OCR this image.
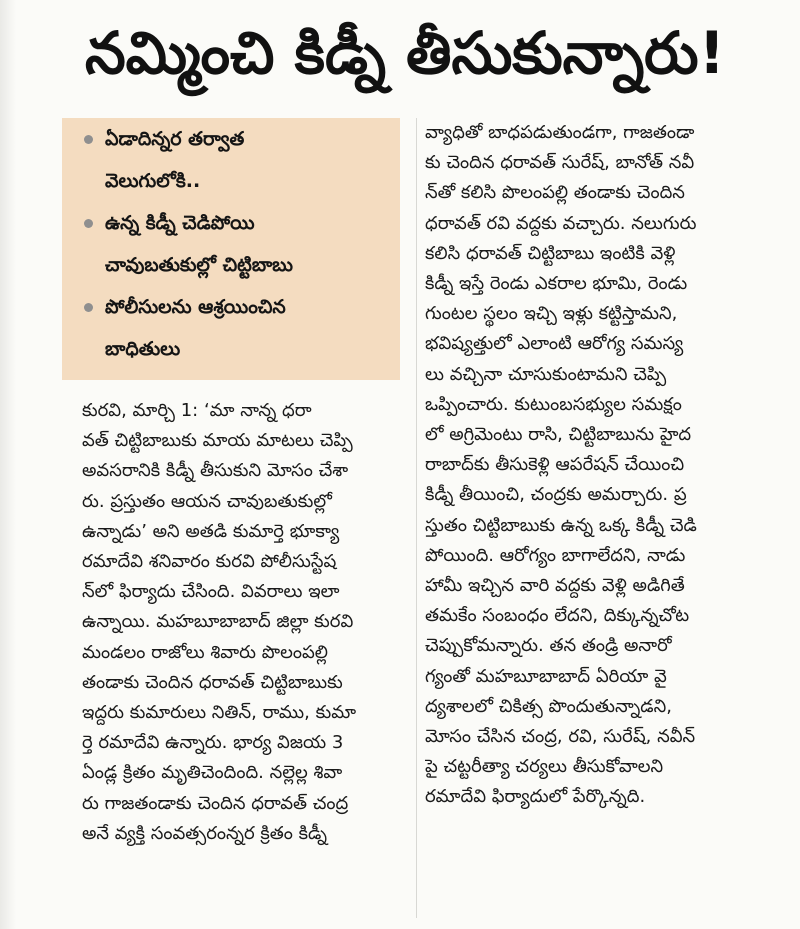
నమ్మించి కిడ్నీ తీసుకున్నారు!
ఏడాదిన్నర తర్వాత
వెలుగులోకి..
ఉన్న కిడ్నీ చెడిపోయి
చావుబతుకుల్లో చిట్టిబాబు
పోలీసులను ఆశ్రయించిన
బాధితులు
కురవి, మార్చి 1: ‘మా నాన్న ధరా
వత్ చిట్టిబాబుకు మాయ మాటలు చెప్పి
అవసరానికి కిడ్నీ తీసుకుని మోసం చేశా
రు. ప్రస్తుతం ఆయన చావుబతుకుల్లో
ఉన్నాడు’ అని అతడి కుమార్తె భూక్యా
రమాదేవి శనివారం కురవి పోలీసుస్టేష
న్‌లో ఫిర్యాదు చేసింది. వివరాలు ఇలా
ఉన్నాయి. మహబూబాబాద్ జిల్లా కురవి
మండలం రాజోలు శివారు పొలంపల్లి
తండాకు చెందిన ధరావత్ చిట్టిబాబుకు
ఇద్దరు కుమారులు నితిన్, రాము, కుమా
ర్తె రమాదేవి ఉన్నారు. భార్య విజయ 3
ఏండ్ల క్రితం మృతిచెందింది. నల్లెల్ల శివా
రు గాజతండాకు చెందిన ధరావత్ చంద్ర
అనే వ్యక్తి సంవత్సరంన్నర క్రితం కిడ్నీ
వ్యాధితో బాధపడుతుండగా, గాజతండా
కు చెందిన ధరావత్ సురేష్, బానోత్ నవీ
న్‌తో కలిసి పొలంపల్లి తండాకు చెందిన
ధరావత్ రవి వద్దకు వచ్చారు. నలుగురు
కలిసి ధరావత్ చిట్టిబాబు ఇంటికి వెళ్లి
కిడ్నీ ఇస్తే రెండు ఎకరాల భూమి, రెండు
గుంటల స్థలం ఇచ్చి ఇళ్లు కట్టిస్తామని,
భవిష్యత్తులో ఎలాంటి ఆరోగ్య సమస్య
లు వచ్చినా చూసుకుంటామని చెప్పి
ఒప్పించారు. కుటుంబసభ్యుల సమక్షం
లో అగ్రిమెంటు రాసి, చిట్టిబాబును హైద
రాబాద్‌కు తీసుకెళ్లి ఆపరేషన్ చేయించి
కిడ్నీ తీయించి, చంద్రకు అమర్చారు. ప్ర
స్తుతం చిట్టిబాబుకు ఉన్న ఒక్క కిడ్నీ చెడి
పోయింది. ఆరోగ్యం బాగాలేదని, నాడు
హామీ ఇచ్చిన వారి వద్దకు వెళ్లి అడిగితే
తమకేం సంబంధం లేదని, దిక్కున్నచోట
చెప్పుకోమన్నారు. తన తండ్రి అనారో
గ్యంతో మహబూబాబాద్ ఏరియా వై
ద్యశాలలో చికిత్స పొందుతున్నాడని,
మోసం చేసిన చంద్ర, రవి, సురేష్, నవీన్
పై చట్టరీత్యా చర్యలు తీసుకోవాలని
రమాదేవి ఫిర్యాదులో పేర్కొన్నది.
